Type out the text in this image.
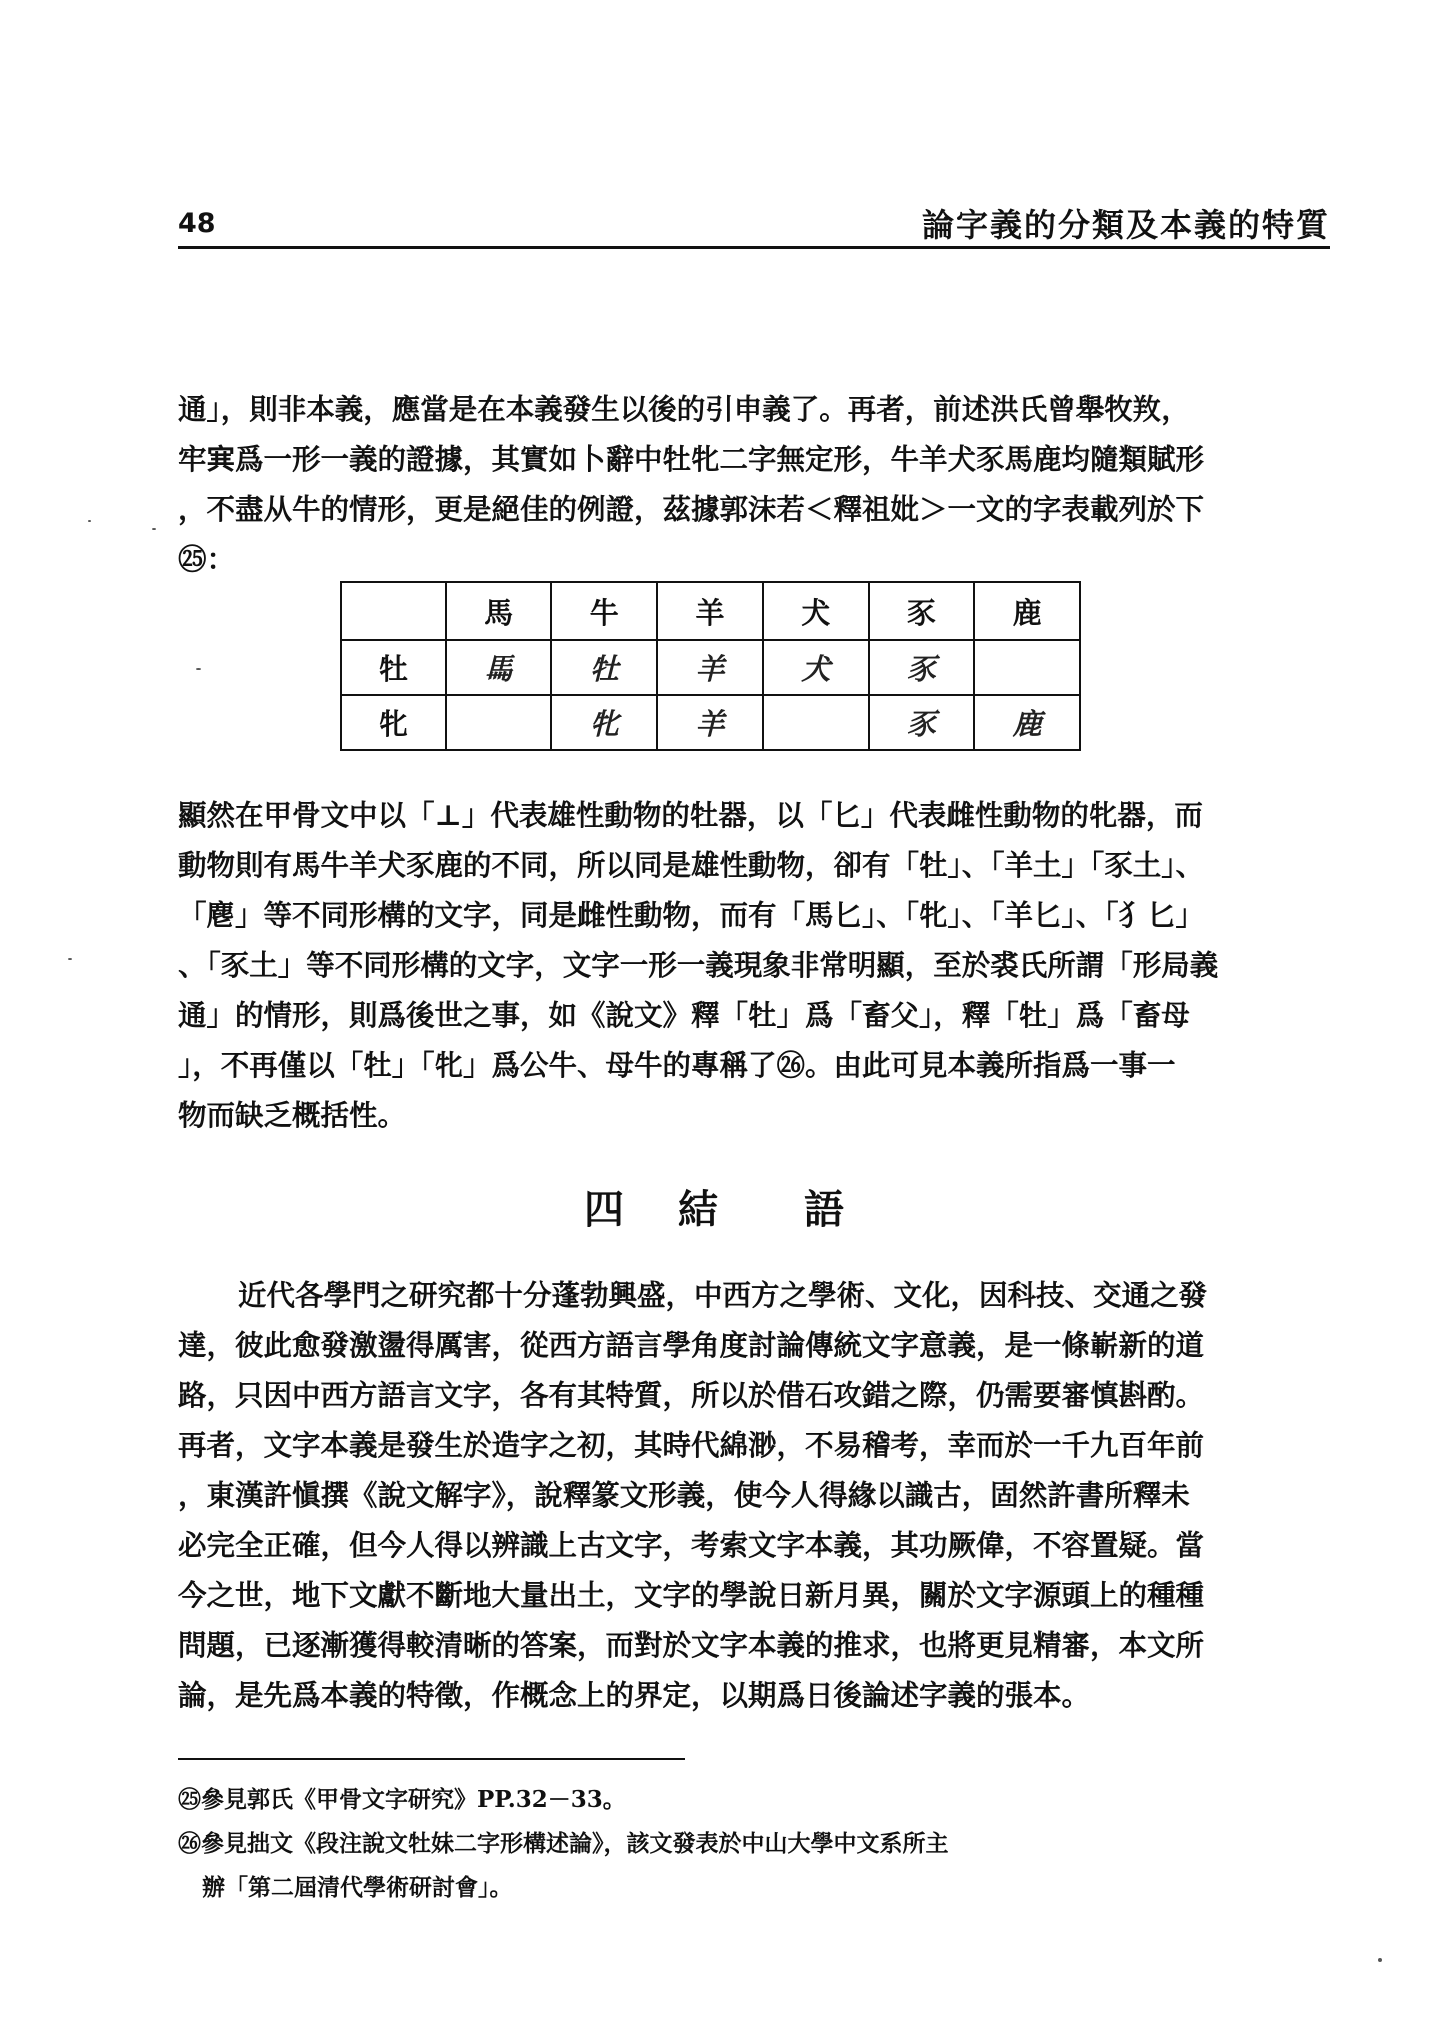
48	論字義的分類及本義的特質
通」，則非本義，應當是在本義發生以後的引申義了。再者，前述洪氏曾舉牧䍩，
牢𡨄爲一形一義的證據，其實如卜辭中牡牝二字無定形，牛羊犬豕馬鹿均隨類賦形
，不盡从牛的情形，更是絕佳的例證，茲據郭沫若＜釋祖妣＞一文的字表載列於下
㉕：
	馬	牛	羊	犬	豕	鹿
牡	𩡧	牡	羊	犬	豕	
牝		牝	羊		豕	鹿
顯然在甲骨文中以「⊥」代表雄性動物的牡器，以「匕」代表雌性動物的牝器，而
動物則有馬牛羊犬豕鹿的不同，所以同是雄性動物，卻有「牡」、「羊土」「豕土」、
「麀」等不同形構的文字，同是雌性動物，而有「馬匕」、「牝」、「羊匕」、「犭匕」
、「豕土」等不同形構的文字，文字一形一義現象非常明顯，至於裘氏所謂「形局義
通」的情形，則爲後世之事，如《說文》釋「牡」爲「畜父」，釋「牡」爲「畜母
」，不再僅以「牡」「牝」爲公牛、母牛的專稱了㉖。由此可見本義所指爲一事一
物而缺乏概括性。
四 結 語
近代各學門之研究都十分蓬勃興盛，中西方之學術、文化，因科技、交通之發
達，彼此愈發激盪得厲害，從西方語言學角度討論傳統文字意義，是一條嶄新的道
路，只因中西方語言文字，各有其特質，所以於借石攻錯之際，仍需要審慎斟酌。
再者，文字本義是發生於造字之初，其時代綿渺，不易稽考，幸而於一千九百年前
，東漢許愼撰《說文解字》，說釋篆文形義，使今人得緣以識古，固然許書所釋未
必完全正確，但今人得以辨識上古文字，考索文字本義，其功厥偉，不容置疑。當
今之世，地下文獻不斷地大量出土，文字的學說日新月異，關於文字源頭上的種種
問題，已逐漸獲得較清晰的答案，而對於文字本義的推求，也將更見精審，本文所
論，是先爲本義的特徵，作概念上的界定，以期爲日後論述字義的張本。
㉕參見郭氏《甲骨文字研究》PP.32－33。
㉖參見拙文《段注說文牡妹二字形構述論》，該文發表於中山大學中文系所主
辦「第二屆清代學術研討會」。
